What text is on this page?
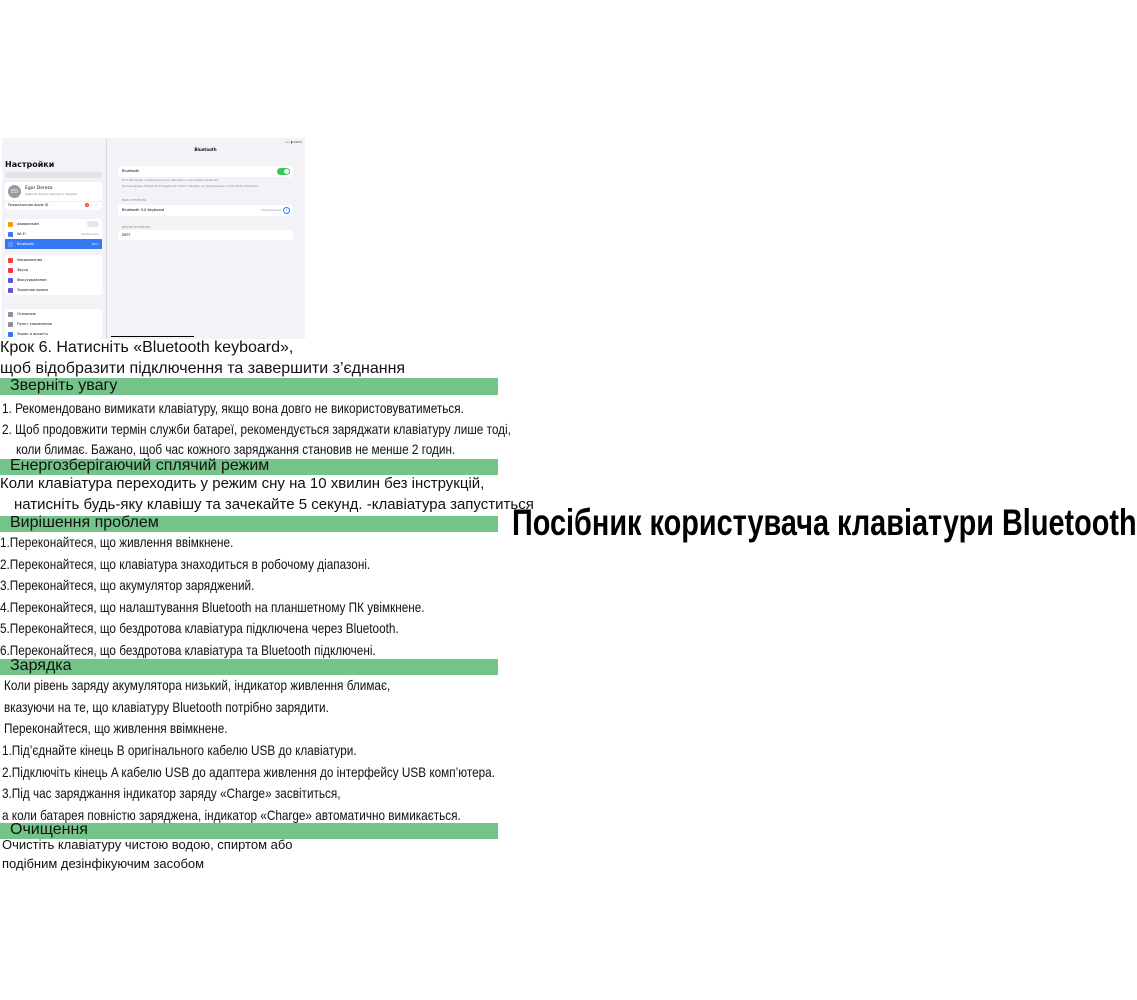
••• ▮ 100%
Настройки
ED	Egor Dereza
Apple ID, iCloud, контент и покупки
Предложения Apple ID	2 ›
Авиарежим
Wi-Fi	KeyMacOne
Bluetooth	Вкл.
Уведомления
Звуки
Фокусирование
Экранное время
Основные
Пункт управления
Экран и яркость
Bluetooth
Bluetooth
Этот iPad будет отображаться как «iPad Egor» в настройках Bluetooth.
Использование "Bluetooth 3.0 Keyboard" может повлиять на подключения к сетям Wi-Fi и Bluetooth.
МОИ УСТРОЙСТВА
Bluetooth 3.0 Keyboard	Подключено	i
ДРУГИЕ УСТРОЙСТВА
DEFY
Крок 6. Натисніть «Bluetooth keyboard»,
щоб відобразити підключення та завершити з’єднання
Зверніть увагу
1. Рекомендовано вимикати клавіатуру, якщо вона довго не використовуватиметься.
2. Щоб продовжити термін служби батареї, рекомендується заряджати клавіатуру лише тоді,
коли блимає. Бажано, щоб час кожного заряджання становив не менше 2 годин.
Енергозберігаючий сплячий режим
Коли клавіатура переходить у режим сну на 10 хвилин без інструкцій,
натисніть будь-яку клавішу та зачекайте 5 секунд. -клавіатура запуститься
Вирішення проблем
1.Переконайтеся, що живлення ввімкнене.
2.Переконайтеся, що клавіатура знаходиться в робочому діапазоні.
3.Переконайтеся, що акумулятор заряджений.
4.Переконайтеся, що налаштування Bluetooth на планшетному ПК увімкнене.
5.Переконайтеся, що бездротова клавіатура підключена через Bluetooth.
6.Переконайтеся, що бездротова клавіатура та Bluetooth підключені.
Зарядка
Коли рівень заряду акумулятора низький, індикатор живлення блимає,
вказуючи на те, що клавіатуру Bluetooth потрібно зарядити.
Переконайтеся, що живлення ввімкнене.
1.Під’єднайте кінець B оригінального кабелю USB до клавіатури.
2.Підключіть кінець A кабелю USB до адаптера живлення до інтерфейсу USB комп’ютера.
3.Під час заряджання індикатор заряду «Charge» засвітиться,
а коли батарея повністю заряджена, індикатор «Charge» автоматично вимикається.
Очищення
Очистіть клавіатуру чистою водою, спиртом або
подібним дезінфікуючим засобом
Посібник користувача клавіатури Bluetooth
